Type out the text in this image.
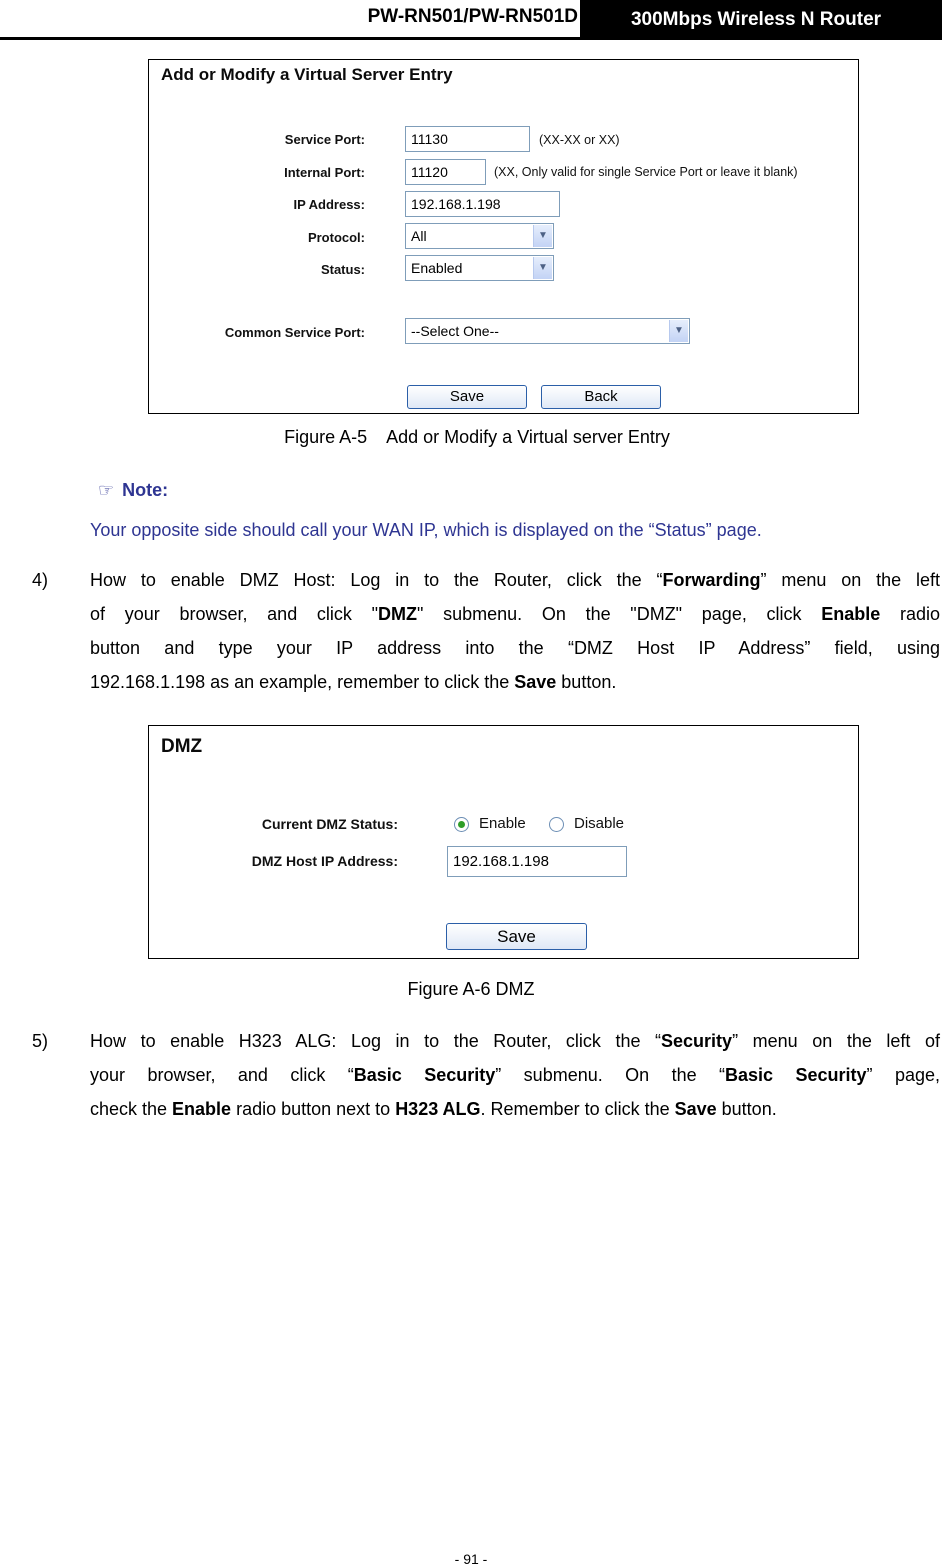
PW-RN501/PW-RN501D	300Mbps Wireless N Router
Add or Modify a Virtual Server Entry
Service Port:	11130	(XX-XX or XX)
Internal Port:	11120	(XX, Only valid for single Service Port or leave it blank)
IP Address:	192.168.1.198
Protocol:	All	▼
Status:	Enabled	▼
Common Service Port:	--Select One--	▼
Save	Back
Figure A-5    Add or Modify a Virtual server Entry
☞ Note:
Your opposite side should call your WAN IP, which is displayed on the “Status” page.
4) How to enable DMZ Host: Log in to the Router, click the “Forwarding” menu on the left
of your browser, and click "DMZ" submenu. On the "DMZ" page, click Enable radio
button and type your IP address into the “DMZ Host IP Address” field, using
192.168.1.198 as an example, remember to click the Save button.
DMZ
Current DMZ Status:	Enable	Disable
DMZ Host IP Address:	192.168.1.198
Save
Figure A-6 DMZ
5) How to enable H323 ALG: Log in to the Router, click the “Security” menu on the left of
your browser, and click “Basic Security” submenu. On the “Basic Security” page,
check the Enable radio button next to H323 ALG. Remember to click the Save button.
- 91 -
